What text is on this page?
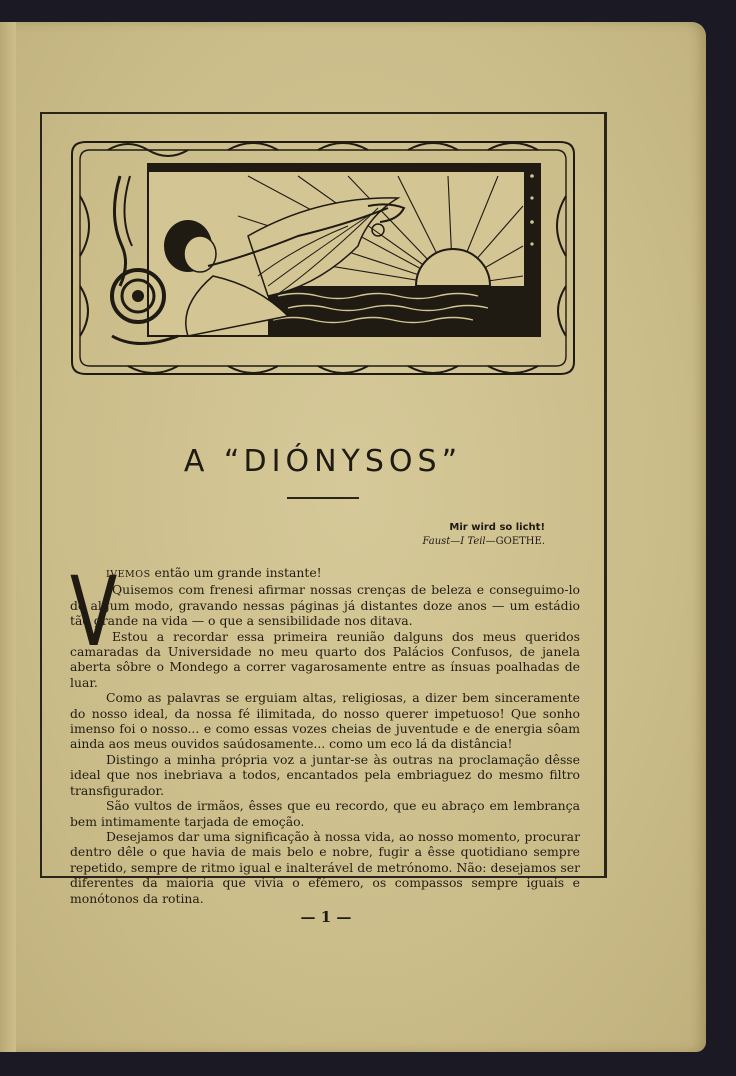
A “DIÓNYSOS”
Mir wird so licht!
Faust—I Teil—GOETHE.
V

IVEMOS então um grande instante!

Quisemos com frenesi afirmar nossas crenças de beleza e conseguimo-lo de algum modo, gravando nessas páginas já distantes doze anos — um estádio tão grande na vida — o que a sensibilidade nos ditava.

Estou a recordar essa primeira reunião dalguns dos meus queridos camaradas da Universidade no meu quarto dos Palácios Confusos, de janela aberta sôbre o Mondego a correr vagarosamente entre as ínsuas poalhadas de luar.

Como as palavras se erguiam altas, religiosas, a dizer bem sinceramente do nosso ideal, da nossa fé ilimitada, do nosso querer impetuoso! Que sonho imenso foi o nosso... e como essas vozes cheias de juventude e de energia sôam ainda aos meus ouvidos saúdosamente... como um eco lá da distância!

Distingo a minha própria voz a juntar-se às outras na proclamação dêsse ideal que nos inebriava a todos, encantados pela embriaguez do mesmo filtro transfigurador.

São vultos de irmãos, êsses que eu recordo, que eu abraço em lembrança bem intimamente tarjada de emoção.

Desejamos dar uma significação à nossa vida, ao nosso momento, procurar dentro dêle o que havia de mais belo e nobre, fugir a êsse quotidiano sempre repetido, sempre de ritmo igual e inalterável de metrónomo. Não: desejamos ser diferentes da maioria que vivia o efémero, os compassos sempre iguais e monótonos da rotina.

— 1 —
